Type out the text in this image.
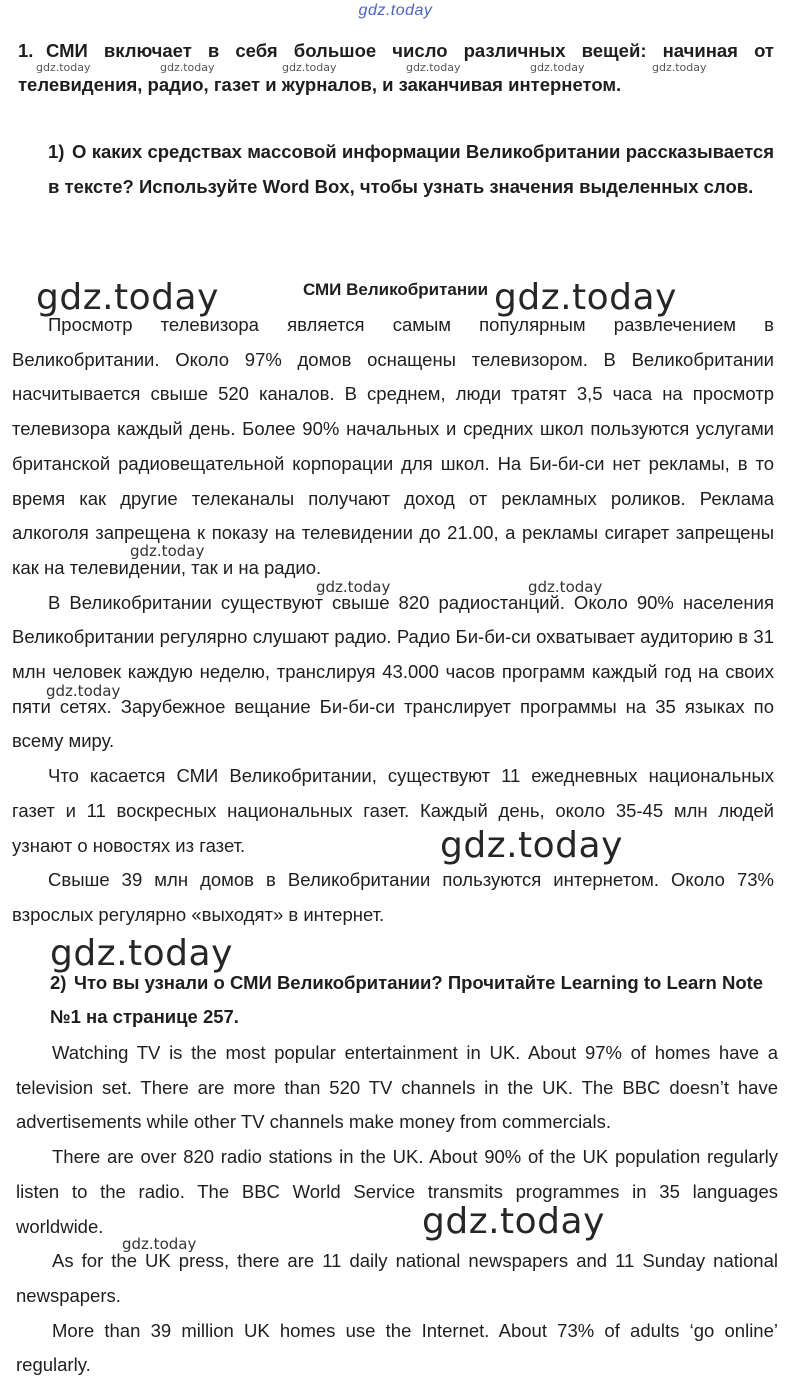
gdz.today
1. СМИ включает в себя большое число различных вещей: начиная от телевидения, радио, газет и журналов, и заканчивая интернетом.
1) О каких средствах массовой информации Великобритании рассказывается в тексте? Используйте Word Box, чтобы узнать значения выделенных слов.
СМИ Великобритании

Просмотр телевизора является самым популярным развлечением в Великобритании. Около 97% домов оснащены телевизором. В Великобритании насчитывается свыше 520 каналов. В среднем, люди тратят 3,5 часа на просмотр телевизора каждый день. Более 90% начальных и средних школ пользуются услугами британской радиовещательной корпорации для школ. На Би-би-си нет рекламы, в то время как другие телеканалы получают доход от рекламных роликов. Реклама алкоголя запрещена к показу на телевидении до 21.00, а рекламы сигарет запрещены как на телевидении, так и на радио.

В Великобритании существуют свыше 820 радиостанций. Около 90% населения Великобритании регулярно слушают радио. Радио Би-би-си охватывает аудиторию в 31 млн человек каждую неделю, транслируя 43.000 часов программ каждый год на своих пяти сетях. Зарубежное вещание Би-би-си транслирует программы на 35 языках по всему миру.

Что касается СМИ Великобритании, существуют 11 ежедневных национальных газет и 11 воскресных национальных газет. Каждый день, около 35-45 млн людей узнают о новостях из газет.

Свыше 39 млн домов в Великобритании пользуются интернетом. Около 73% взрослых регулярно «выходят» в интернет.

2) Что вы узнали о СМИ Великобритании? Прочитайте Learning to Learn Note №1 на странице 257.

Watching TV is the most popular entertainment in UK. About 97% of homes have a television set. There are more than 520 TV channels in the UK. The BBC doesn’t have advertisements while other TV channels make money from commercials.

There are over 820 radio stations in the UK. About 90% of the UK population regularly listen to the radio. The BBC World Service transmits programmes in 35 languages worldwide.

As for the UK press, there are 11 daily national newspapers and 11 Sunday national newspapers.

More than 39 million UK homes use the Internet. About 73% of adults ‘go online’ regularly.

gdz.today	gdz.today	gdz.today	gdz.today	gdz.today	gdz.today
gdz.today	gdz.today
gdz.today
gdz.today	gdz.today
gdz.today
gdz.today
gdz.today
gdz.today
gdz.today
